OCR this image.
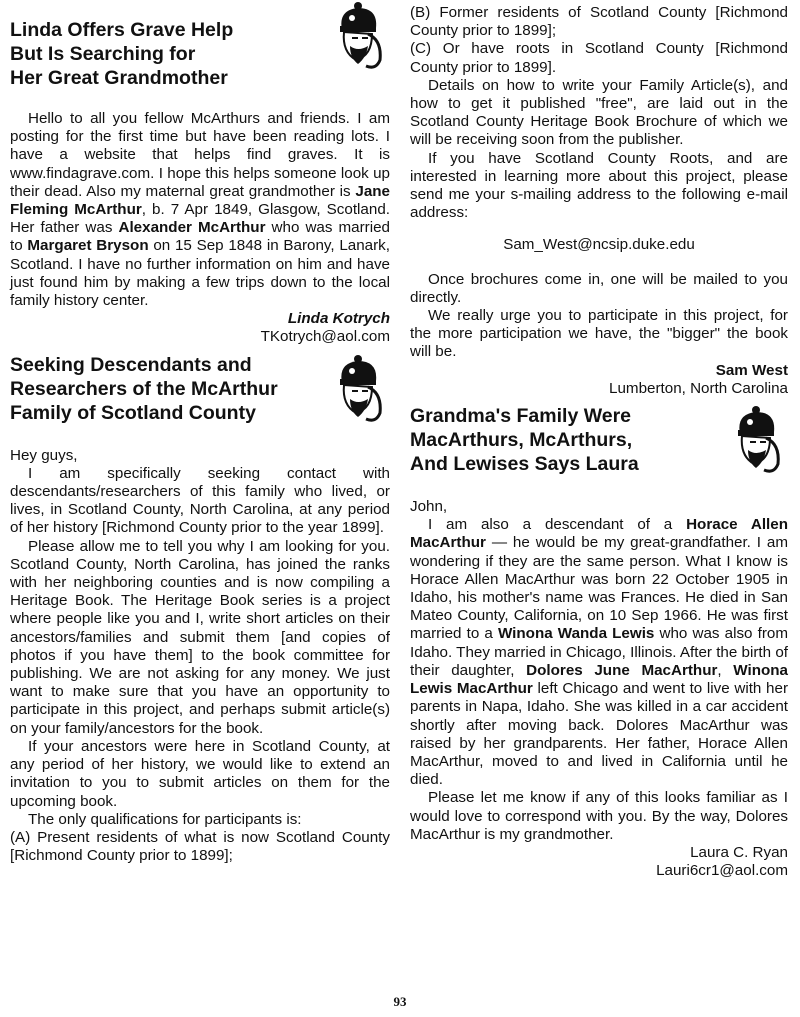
Linda Offers Grave Help
But Is Searching for
Her Great Grandmother

Hello to all you fellow McArthurs and friends. I am posting for the first time but have been reading lots. I have a website that helps find graves. It is www.findagrave.com. I hope this helps someone look up their dead. Also my maternal great grandmother is Jane Fleming McArthur, b. 7 Apr 1849, Glasgow, Scotland. Her father was Alexander McArthur who was married to Margaret Bryson on 15 Sep 1848 in Barony, Lanark, Scotland. I have no further information on him and have just found him by making a few trips down to the local family history center.

Linda Kotrych
TKotrych@aol.com
Seeking Descendants and
Researchers of the McArthur
Family of Scotland County

Hey guys,

I am specifically seeking contact with descendants/researchers of this family who lived, or lives, in Scotland County, North Carolina, at any period of her history [Richmond County prior to the year 1899].

Please allow me to tell you why I am looking for you. Scotland County, North Carolina, has joined the ranks with her neighboring counties and is now compiling a Heritage Book. The Heritage Book series is a project where people like you and I, write short articles on their ancestors/families and submit them [and copies of photos if you have them] to the book committee for publishing. We are not asking for any money. We just want to make sure that you have an opportunity to participate in this project, and perhaps submit article(s) on your family/ancestors for the book.

If your ancestors were here in Scotland County, at any period of her history, we would like to extend an invitation to you to submit articles on them for the upcoming book.

The only qualifications for participants is:

(A) Present residents of what is now Scotland County [Richmond County prior to 1899];

(B) Former residents of Scotland County [Richmond County prior to 1899];

(C) Or have roots in Scotland County [Richmond County prior to 1899].

Details on how to write your Family Article(s), and how to get it published "free", are laid out in the Scotland County Heritage Book Brochure of which we will be receiving soon from the publisher.

If you have Scotland County Roots, and are interested in learning more about this project, please send me your s-mailing address to the following e-mail address:

Sam_West@ncsip.duke.edu

Once brochures come in, one will be mailed to you directly.

We really urge you to participate in this project, for the more participation we have, the "bigger" the book will be.

Sam West
Lumberton, North Carolina
Grandma's Family Were
MacArthurs, McArthurs,
And Lewises Says Laura

John,

I am also a descendant of a Horace Allen MacArthur — he would be my great-grandfather. I am wondering if they are the same person. What I know is Horace Allen MacArthur was born 22 October 1905 in Idaho, his mother's name was Frances. He died in San Mateo County, California, on 10 Sep 1966. He was first married to a Winona Wanda Lewis who was also from Idaho. They married in Chicago, Illinois. After the birth of their daughter, Dolores June MacArthur, Winona Lewis MacArthur left Chicago and went to live with her parents in Napa, Idaho. She was killed in a car accident shortly after moving back. Dolores MacArthur was raised by her grandparents. Her father, Horace Allen MacArthur, moved to and lived in California until he died.

Please let me know if any of this looks familiar as I would love to correspond with you. By the way, Dolores MacArthur is my grandmother.

Laura C. Ryan
Lauri6cr1@aol.com
93
